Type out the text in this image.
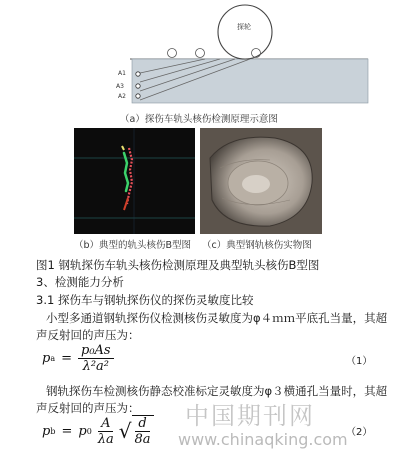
A1
A3
A2
探轮
（a）探伤车轨头核伤检测原理示意图
（b）典型的轨头核伤B型图 （c）典型钢轨核伤实物图
图1 钢轨探伤车轨头核伤检测原理及典型轨头核伤B型图
3、检测能力分析
3.1 探伤车与钢轨探伤仪的探伤灵敏度比较
小型多通道钢轨探伤仪检测核伤灵敏度为φ４ｍｍ平底孔当量，其超
声反射回的声压为：
p $a = \frac{\text{p₀As}}{\text{λ²a²}}$	（1）
钢轨探伤车检测核伤静态校准标定灵敏度为φ３横通孔当量时，其超
声反射回的声压为：
p b = p $0 \frac{A}{\lambda a}$ √ $\frac{d}{8a}$	（2）
中国期刊网
www.chinaqking.com
